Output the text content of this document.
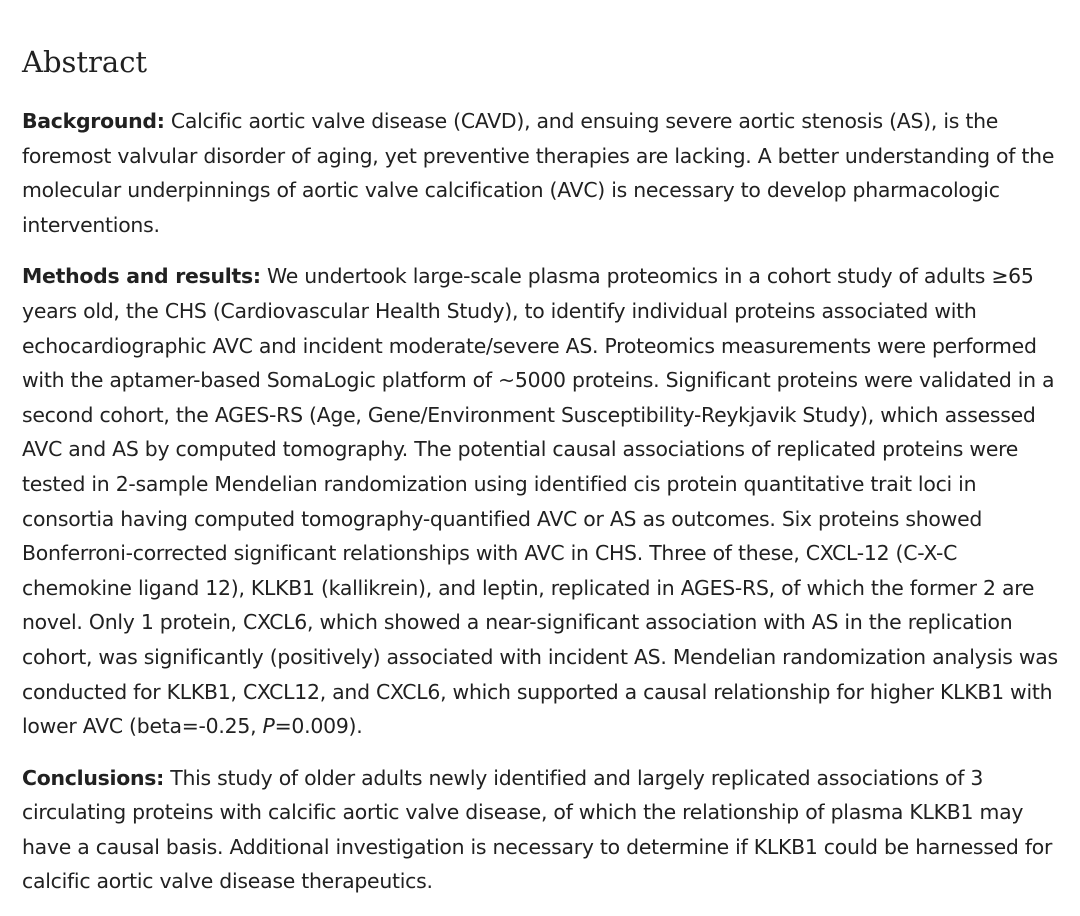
Abstract

Background: Calcific aortic valve disease (CAVD), and ensuing severe aortic stenosis (AS), is the foremost valvular disorder of aging, yet preventive therapies are lacking. A better understanding of the molecular underpinnings of aortic valve calcification (AVC) is necessary to develop pharmacologic interventions.

Methods and results: We undertook large-scale plasma proteomics in a cohort study of adults ≥65 years old, the CHS (Cardiovascular Health Study), to identify individual proteins associated with echocardiographic AVC and incident moderate/severe AS. Proteomics measurements were performed with the aptamer-based SomaLogic platform of ~5000 proteins. Significant proteins were validated in a second cohort, the AGES-RS (Age, Gene/Environment Susceptibility-Reykjavik Study), which assessed AVC and AS by computed tomography. The potential causal associations of replicated proteins were tested in 2-sample Mendelian randomization using identified cis protein quantitative trait loci in consortia having computed tomography-quantified AVC or AS as outcomes. Six proteins showed Bonferroni-corrected significant relationships with AVC in CHS. Three of these, CXCL-12 (C-X-C chemokine ligand 12), KLKB1 (kallikrein), and leptin, replicated in AGES-RS, of which the former 2 are novel. Only 1 protein, CXCL6, which showed a near-significant association with AS in the replication cohort, was significantly (positively) associated with incident AS. Mendelian randomization analysis was conducted for KLKB1, CXCL12, and CXCL6, which supported a causal relationship for higher KLKB1 with lower AVC (beta=-0.25, P=0.009).

Conclusions: This study of older adults newly identified and largely replicated associations of 3 circulating proteins with calcific aortic valve disease, of which the relationship of plasma KLKB1 may have a causal basis. Additional investigation is necessary to determine if KLKB1 could be harnessed for calcific aortic valve disease therapeutics.
